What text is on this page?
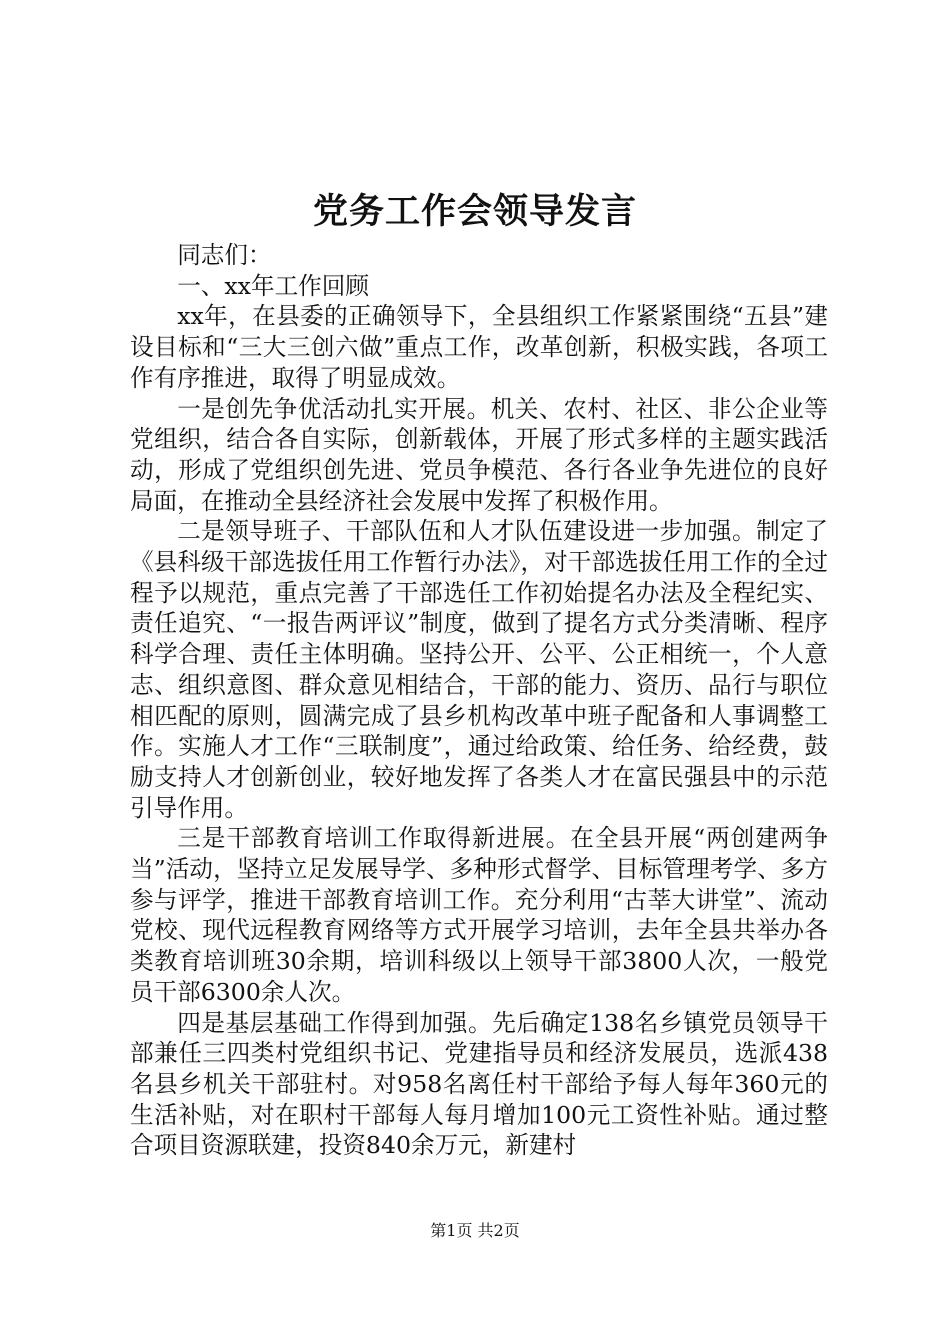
党务工作会领导发言

同志们：

一、xx年工作回顾

xx年，在县委的正确领导下，全县组织工作紧紧围绕“五县”建设目标和“三大三创六做”重点工作，改革创新，积极实践，各项工作有序推进，取得了明显成效。

一是创先争优活动扎实开展。机关、农村、社区、非公企业等党组织，结合各自实际，创新载体，开展了形式多样的主题实践活动，形成了党组织创先进、党员争模范、各行各业争先进位的良好局面，在推动全县经济社会发展中发挥了积极作用。

二是领导班子、干部队伍和人才队伍建设进一步加强。制定了《县科级干部选拔任用工作暂行办法》，对干部选拔任用工作的全过程予以规范，重点完善了干部选任工作初始提名办法及全程纪实、责任追究、“一报告两评议”制度，做到了提名方式分类清晰、程序科学合理、责任主体明确。坚持公开、公平、公正相统一，个人意志、组织意图、群众意见相结合，干部的能力、资历、品行与职位相匹配的原则，圆满完成了县乡机构改革中班子配备和人事调整工作。实施人才工作“三联制度”，通过给政策、给任务、给经费，鼓励支持人才创新创业，较好地发挥了各类人才在富民强县中的示范引导作用。

三是干部教育培训工作取得新进展。在全县开展“两创建两争当”活动，坚持立足发展导学、多种形式督学、目标管理考学、多方参与评学，推进干部教育培训工作。充分利用“古莘大讲堂”、流动党校、现代远程教育网络等方式开展学习培训，去年全县共举办各类教育培训班30余期，培训科级以上领导干部3800人次，一般党员干部6300余人次。

四是基层基础工作得到加强。先后确定138名乡镇党员领导干部兼任三四类村党组织书记、党建指导员和经济发展员，选派438名县乡机关干部驻村。对958名离任村干部给予每人每年360元的生活补贴，对在职村干部每人每月增加100元工资性补贴。通过整合项目资源联建，投资840余万元，新建村

第1页 共2页
